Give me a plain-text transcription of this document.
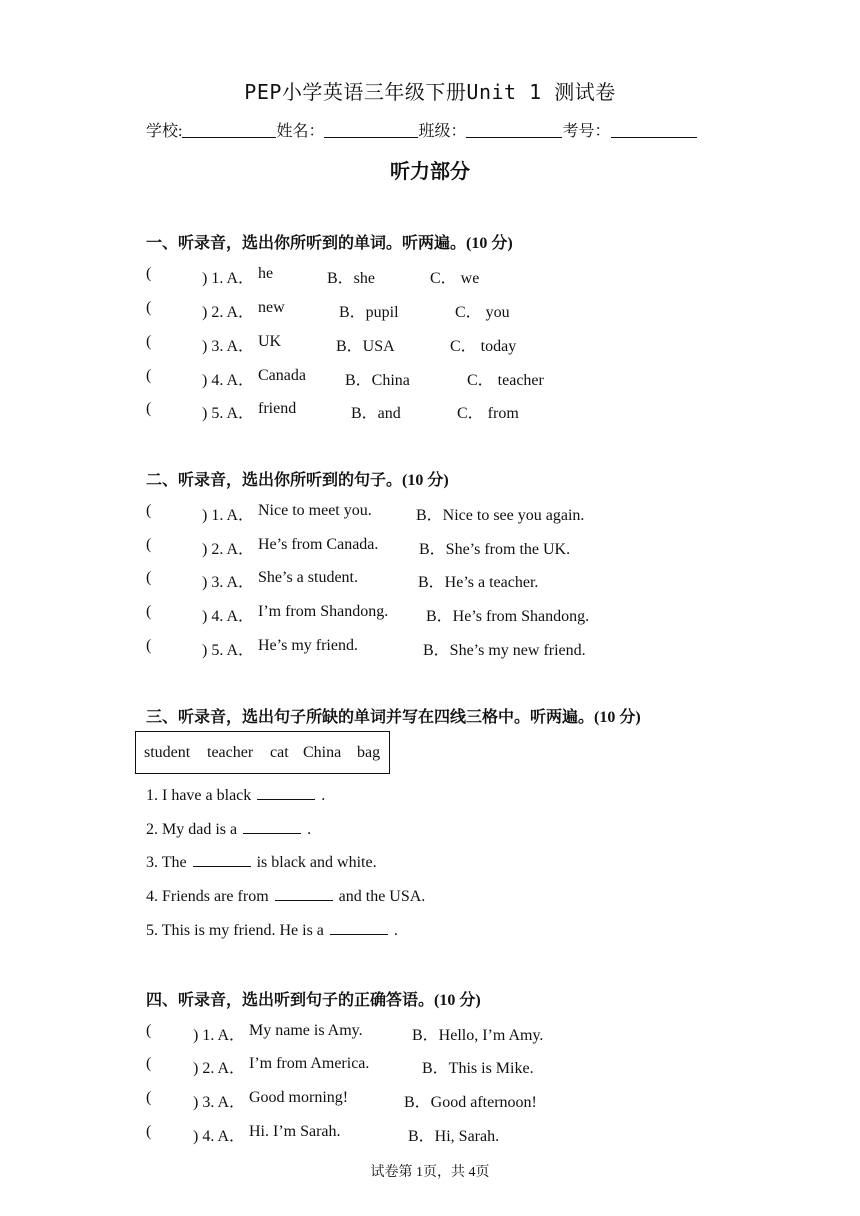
PEP小学英语三年级下册Unit 1 测试卷
学校:	姓名：	班级：	考号：
听力部分
一、听录音，选出你所听到的单词。听两遍。(10 分)
(	) 1. A． he	B．she	C． we
(	) 2. A． new	B．pupil	C． you
(	) 3. A． UK	B．USA	C． today
(	) 4. A． Canada B．China	C． teacher
(	) 5. A． friend	B．and	C． from
二、听录音，选出你所听到的句子。(10 分)
(	) 1. A． Nice to meet you.	B．Nice to see you again.
(	) 2. A． He’s from Canada.	B．She’s from the UK.
(	) 3. A． She’s a student.	B．He’s a teacher.
(	) 4. A． I’m from Shandong. B．He’s from Shandong.
(	) 5. A． He’s my friend.	B．She’s my new friend.
三、听录音，选出句子所缺的单词并写在四线三格中。听两遍。(10 分)
student teacher cat China bag
1. I have a black	.
2. My dad is a	.
3. The	is black and white.
4. Friends are from	and the USA.
5. This is my friend. He is a	.
四、听录音，选出听到句子的正确答语。(10 分)
(	) 1. A． My name is Amy.	B．Hello, I’m Amy.
(	) 2. A． I’m from America.	B．This is Mike.
(	) 3. A． Good morning!	B．Good afternoon!
(	) 4. A． Hi. I’m Sarah.	B．Hi, Sarah.
试卷第 1页，共 4页
